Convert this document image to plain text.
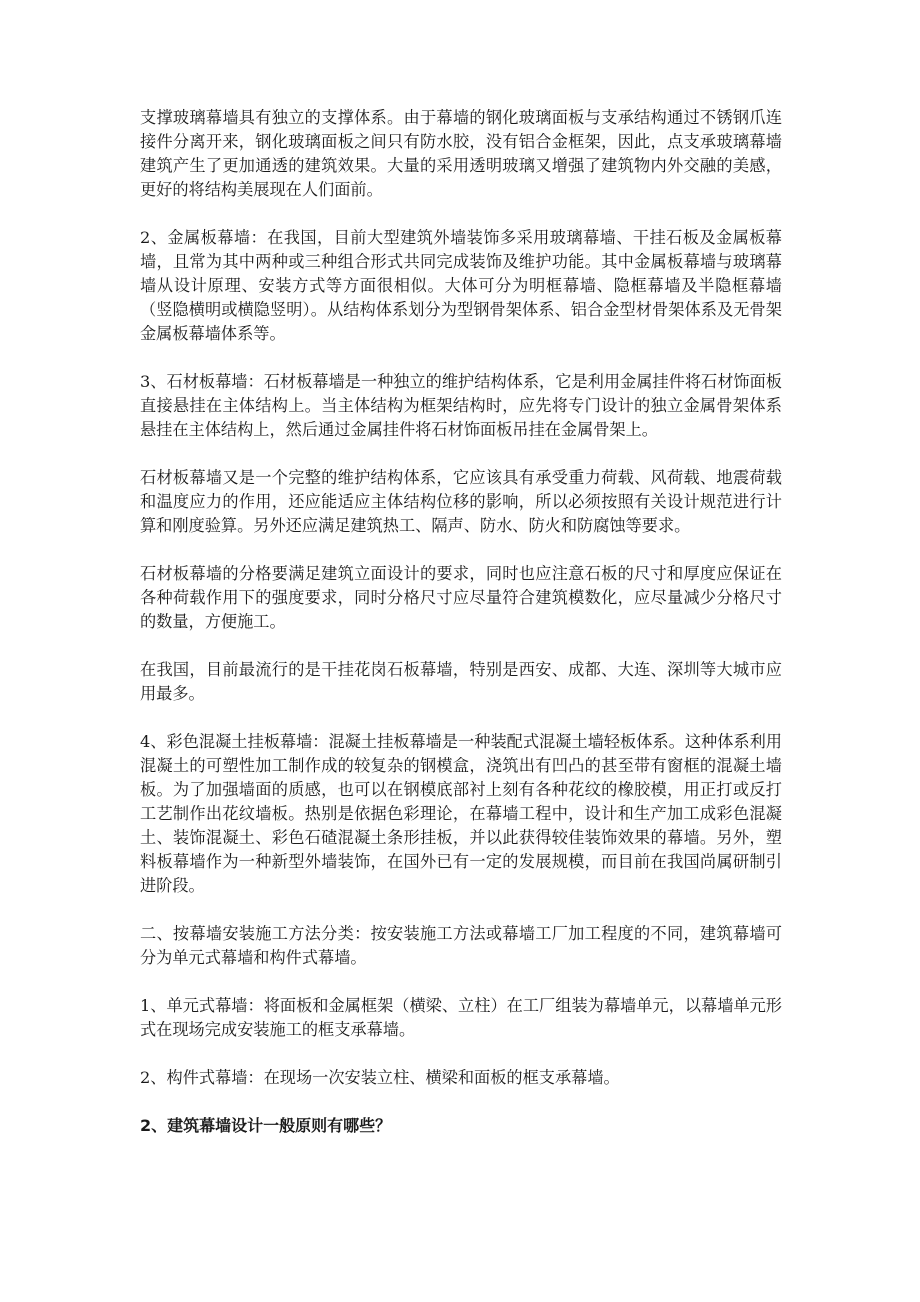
支撑玻璃幕墙具有独立的支撑体系。由于幕墙的钢化玻璃面板与支承结构通过不锈钢爪连接件分离开来，钢化玻璃面板之间只有防水胶，没有铝合金框架，因此，点支承玻璃幕墙建筑产生了更加通透的建筑效果。大量的采用透明玻璃又增强了建筑物内外交融的美感，更好的将结构美展现在人们面前。

2、金属板幕墙：在我国，目前大型建筑外墙装饰多采用玻璃幕墙、干挂石板及金属板幕墙，且常为其中两种或三种组合形式共同完成装饰及维护功能。其中金属板幕墙与玻璃幕墙从设计原理、安装方式等方面很相似。大体可分为明框幕墙、隐框幕墙及半隐框幕墙（竖隐横明或横隐竖明）。从结构体系划分为型钢骨架体系、铝合金型材骨架体系及无骨架金属板幕墙体系等。

3、石材板幕墙：石材板幕墙是一种独立的维护结构体系，它是利用金属挂件将石材饰面板直接悬挂在主体结构上。当主体结构为框架结构时，应先将专门设计的独立金属骨架体系悬挂在主体结构上，然后通过金属挂件将石材饰面板吊挂在金属骨架上。

石材板幕墙又是一个完整的维护结构体系，它应该具有承受重力荷载、风荷载、地震荷载和温度应力的作用，还应能适应主体结构位移的影响，所以必须按照有关设计规范进行计算和刚度验算。另外还应满足建筑热工、隔声、防水、防火和防腐蚀等要求。

石材板幕墙的分格要满足建筑立面设计的要求，同时也应注意石板的尺寸和厚度应保证在各种荷载作用下的强度要求，同时分格尺寸应尽量符合建筑模数化，应尽量减少分格尺寸的数量，方便施工。

在我国，目前最流行的是干挂花岗石板幕墙，特别是西安、成都、大连、深圳等大城市应用最多。

4、彩色混凝土挂板幕墙：混凝土挂板幕墙是一种装配式混凝土墙轻板体系。这种体系利用混凝土的可塑性加工制作成的较复杂的钢模盒，浇筑出有凹凸的甚至带有窗框的混凝土墙板。为了加强墙面的质感，也可以在钢模底部衬上刻有各种花纹的橡胶模，用正打或反打工艺制作出花纹墙板。热别是依据色彩理论，在幕墙工程中，设计和生产加工成彩色混凝土、装饰混凝土、彩色石碴混凝土条形挂板，并以此获得较佳装饰效果的幕墙。另外，塑料板幕墙作为一种新型外墙装饰，在国外已有一定的发展规模，而目前在我国尚属研制引进阶段。

二、按幕墙安装施工方法分类：按安装施工方法或幕墙工厂加工程度的不同，建筑幕墙可分为单元式幕墙和构件式幕墙。

1、单元式幕墙：将面板和金属框架（横梁、立柱）在工厂组装为幕墙单元，以幕墙单元形式在现场完成安装施工的框支承幕墙。

2、构件式幕墙：在现场一次安装立柱、横梁和面板的框支承幕墙。

2、建筑幕墙设计一般原则有哪些？
